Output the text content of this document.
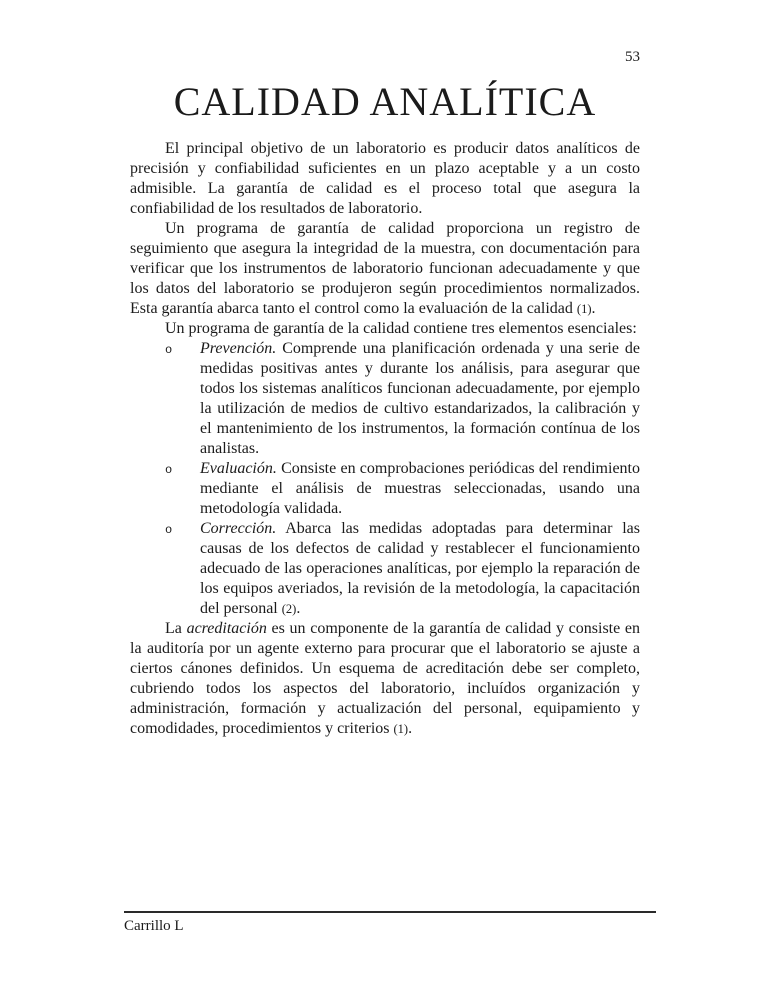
53
CALIDAD ANALÍTICA

El principal objetivo de un laboratorio es producir datos analíticos de precisión y confiabilidad suficientes en un plazo aceptable y a un costo admisible. La garantía de calidad es el proceso total que asegura la confiabilidad de los resultados de laboratorio.

Un programa de garantía de calidad proporciona un registro de seguimiento que asegura la integridad de la muestra, con documentación para verificar que los instrumentos de laboratorio funcionan adecuadamente y que los datos del laboratorio se produjeron según procedimientos normalizados. Esta garantía abarca tanto el control como la evaluación de la calidad (1).

Un programa de garantía de la calidad contiene tres elementos esenciales:

o	Prevención. Comprende una planificación ordenada y una serie de medidas positivas antes y durante los análisis, para asegurar que todos los sistemas analíticos funcionan adecuadamente, por ejemplo la utilización de medios de cultivo estandarizados, la calibración y el mantenimiento de los instrumentos, la formación contínua de los analistas.
o	Evaluación. Consiste en comprobaciones periódicas del rendimiento mediante el análisis de muestras seleccionadas, usando una metodología validada.
o	Corrección. Abarca las medidas adoptadas para determinar las causas de los defectos de calidad y restablecer el funcionamiento adecuado de las operaciones analíticas, por ejemplo la reparación de los equipos averiados, la revisión de la metodología, la capacitación del personal (2).

La acreditación es un componente de la garantía de calidad y consiste en la auditoría por un agente externo para procurar que el laboratorio se ajuste a ciertos cánones definidos. Un esquema de acreditación debe ser completo, cubriendo todos los aspectos del laboratorio, incluídos organización y administración, formación y actualización del personal, equipamiento y comodidades, procedimientos y criterios (1).

Carrillo L
